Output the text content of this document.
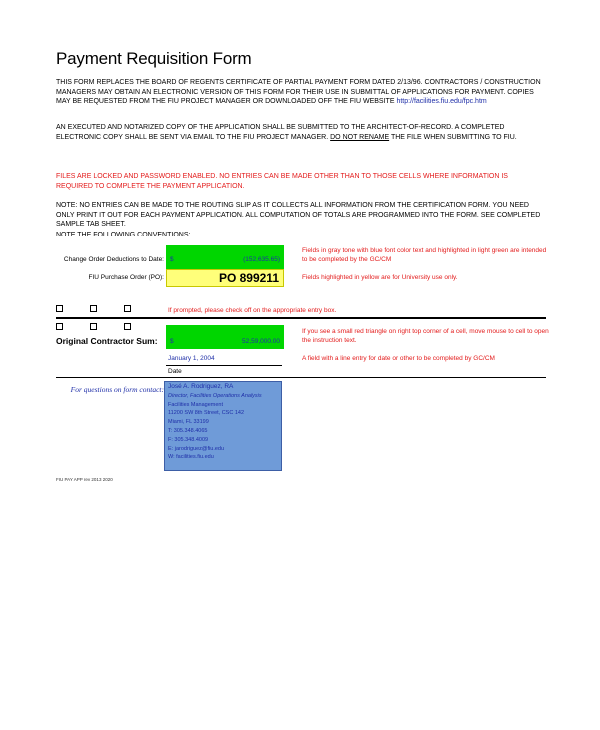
Payment Requisition Form
THIS FORM REPLACES THE BOARD OF REGENTS CERTIFICATE OF PARTIAL PAYMENT FORM DATED 2/13/96. CONTRACTORS / CONSTRUCTION MANAGERS MAY OBTAIN AN ELECTRONIC VERSION OF THIS FORM FOR THEIR USE IN SUBMITTAL OF APPLICATIONS FOR PAYMENT. COPIES MAY BE REQUESTED FROM THE FIU PROJECT MANAGER OR DOWNLOADED OFF THE FIU WEBSITE http://facilities.fiu.edu/fpc.htm
AN EXECUTED AND NOTARIZED COPY OF THE APPLICATION SHALL BE SUBMITTED TO THE ARCHITECT-OF-RECORD. A COMPLETED ELECTRONIC COPY SHALL BE SENT VIA EMAIL TO THE FIU PROJECT MANAGER. DO NOT RENAME THE FILE WHEN SUBMITTING TO FIU.
FILES ARE LOCKED AND PASSWORD ENABLED. NO ENTRIES CAN BE MADE OTHER THAN TO THOSE CELLS WHERE INFORMATION IS REQUIRED TO COMPLETE THE PAYMENT APPLICATION.
NOTE: NO ENTRIES CAN BE MADE TO THE ROUTING SLIP AS IT COLLECTS ALL INFORMATION FROM THE CERTIFICATION FORM. YOU NEED ONLY PRINT IT OUT FOR EACH PAYMENT APPLICATION. ALL COMPUTATION OF TOTALS ARE PROGRAMMED INTO THE FORM. SEE COMPLETED SAMPLE TAB SHEET.
NOTE THE FOLLOWING CONVENTIONS:
Change Order Deductions to Date: $	(152,635.65)
Fields in gray tone with blue font color text and highlighted in light green are intended to be completed by the GC/CM
FIU Purchase Order (PO):	PO 899211	Fields highlighted in yellow are for University use only.
If prompted, please check off on the appropriate entry box.
Original Contractor Sum: $	52,59,000.00
If you see a small red triangle on right top corner of a cell, move mouse to cell to open the instruction text.
A field with a line entry for date or other to be completed by GC/CM
January 1, 2004
Date
For questions on form contact: José A. Rodriguez, RA
Director, Facilities Operations Analysis
Facilities Management
11200 SW 8th Street, CSC 142
Miami, FL 33199
T: 305.348.4065
F: 305.348.4009
E: jarodriguez@fiu.edu
W: facilities.fiu.edu
FIU PAY APP rev 2013 2020
